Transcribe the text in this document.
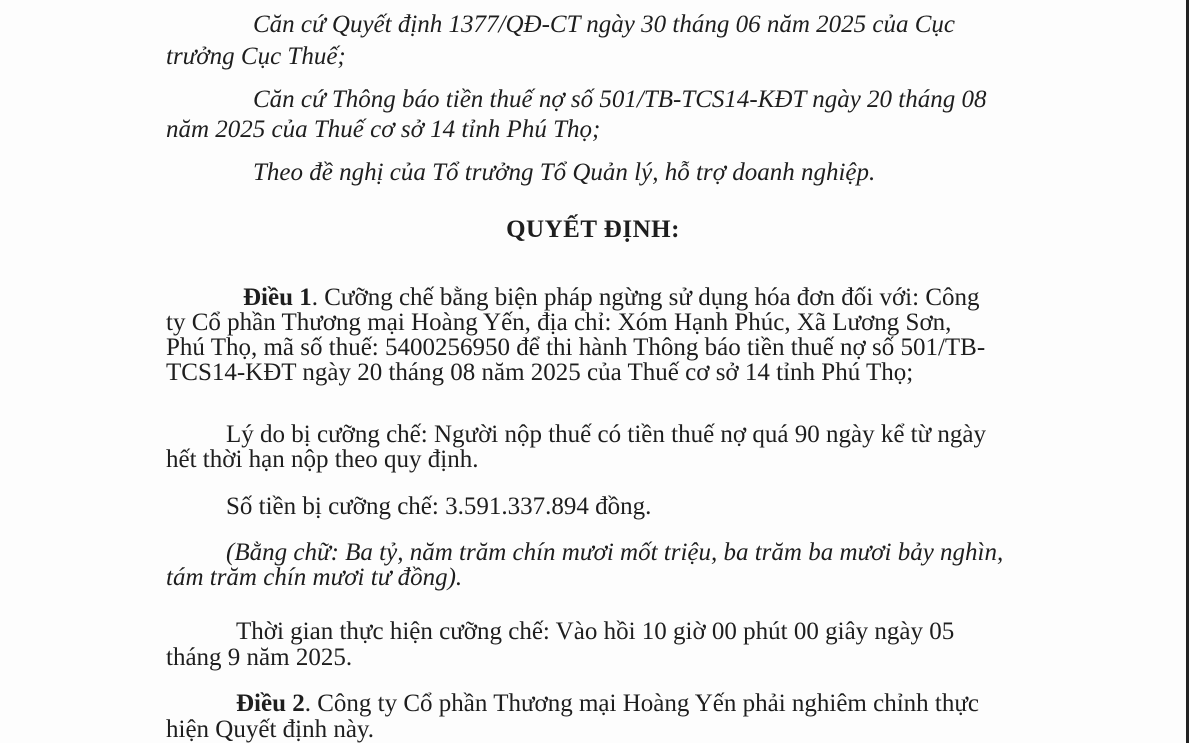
Căn cứ Quyết định 1377/QĐ-CT ngày 30 tháng 06 năm 2025 của Cục
trưởng Cục Thuế;
Căn cứ Thông báo tiền thuế nợ số 501/TB-TCS14-KĐT ngày 20 tháng 08
năm 2025 của Thuế cơ sở 14 tỉnh Phú Thọ;
Theo đề nghị của Tổ trưởng Tổ Quản lý, hỗ trợ doanh nghiệp.
QUYẾT ĐỊNH:
Điều 1. Cưỡng chế bằng biện pháp ngừng sử dụng hóa đơn đối với: Công
ty Cổ phần Thương mại Hoàng Yến, địa chỉ: Xóm Hạnh Phúc, Xã Lương Sơn,
Phú Thọ, mã số thuế: 5400256950 để thi hành Thông báo tiền thuế nợ số 501/TB-
TCS14-KĐT ngày 20 tháng 08 năm 2025 của Thuế cơ sở 14 tỉnh Phú Thọ;
Lý do bị cưỡng chế: Người nộp thuế có tiền thuế nợ quá 90 ngày kể từ ngày
hết thời hạn nộp theo quy định.
Số tiền bị cưỡng chế: 3.591.337.894 đồng.
(Bằng chữ: Ba tỷ, năm trăm chín mươi mốt triệu, ba trăm ba mươi bảy nghìn,
tám trăm chín mươi tư đồng).
Thời gian thực hiện cưỡng chế: Vào hồi 10 giờ 00 phút 00 giây ngày 05
tháng 9 năm 2025.
Điều 2. Công ty Cổ phần Thương mại Hoàng Yến phải nghiêm chỉnh thực
hiện Quyết định này.
